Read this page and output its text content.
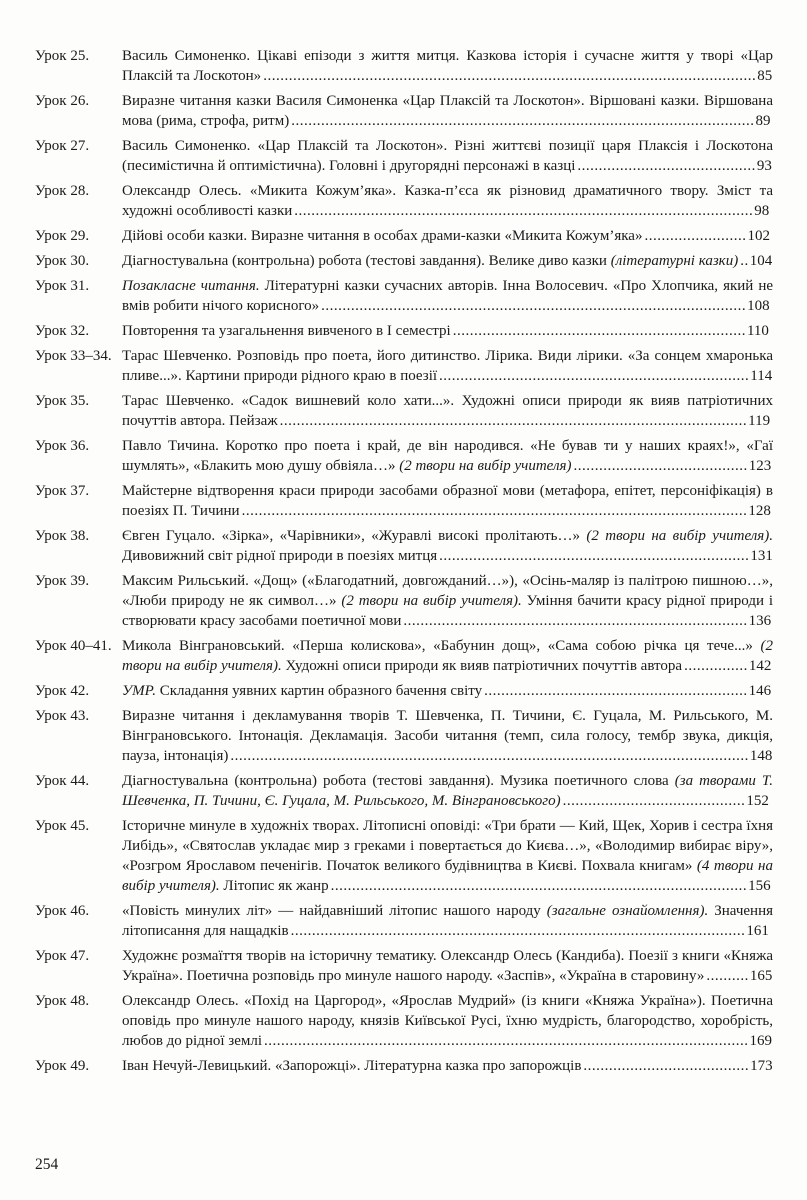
Урок 25.	Василь Симоненко. Цікаві епізоди з життя митця. Казкова історія і сучасне життя у творі «Цар Плаксій та Лоскотон» ....................................................................................................................85
Урок 26.	Виразне читання казки Василя Симоненка «Цар Плаксій та Лоскотон». Віршовані казки. Віршована мова (рима, строфа, ритм) .............................................................................................................89
Урок 27.	Василь Симоненко. «Цар Плаксій та Лоскотон». Різні життєві позиції царя Плаксія і Лоскотона (песимістична й оптимістична). Головні і другорядні персонажі в казці ..........................................93
Урок 28.	Олександр Олесь. «Микита Кожум’яка». Казка-п’єса як різновид драматичного твору. Зміст та художні особливості казки ............................................................................................................98
Урок 29.	Дійові особи казки. Виразне читання в особах драми-казки «Микита Кожум’яка» ........................102
Урок 30.	Діагностувальна (контрольна) робота (тестові завдання). Велике диво казки (літературні казки) ..104
Урок 31.	Позакласне читання. Літературні казки сучасних авторів. Інна Волосевич. «Про Хлопчика, який не вмів робити нічого корисного» ....................................................................................................108
Урок 32.	Повторення та узагальнення вивченого в І семестрі .....................................................................110
Урок 33–34. Тарас Шевченко. Розповідь про поета, його дитинство. Лірика. Види лірики. «За сонцем хмаронька пливе...». Картини природи рідного краю в поезії .........................................................................114
Урок 35.	Тарас Шевченко. «Садок вишневий коло хати...». Художні описи природи як вияв патріотичних почуттів автора. Пейзаж ..............................................................................................................119
Урок 36.	Павло Тичина. Коротко про поета і край, де він народився. «Не бував ти у наших краях!», «Гаї шумлять», «Блакить мою душу обвіяла…» (2 твори на вибір учителя) .........................................123
Урок 37.	Майстерне відтворення краси природи засобами образної мови (метафора, епітет, персоніфікація) в поезіях П. Тичини .......................................................................................................................128
Урок 38.	Євген Гуцало. «Зірка», «Чарівники», «Журавлі високі пролітають…» (2 твори на вибір учителя). Дивовижний світ рідної природи в поезіях митця .........................................................................131
Урок 39.	Максим Рильський. «Дощ» («Благодатний, довгожданий…»), «Осінь-маляр із палітрою пишною…», «Люби природу не як символ…» (2 твори на вибір учителя). Уміння бачити красу рідної природи і створювати красу засобами поетичної мови .................................................................................136
Урок 40–41. Микола Вінграновський. «Перша колискова», «Бабунин дощ», «Сама собою річка ця тече...» (2 твори на вибір учителя). Художні описи природи як вияв патріотичних почуттів автора ...............142
Урок 42.	УМР. Складання уявних картин образного бачення світу ..............................................................146
Урок 43.	Виразне читання і декламування творів Т. Шевченка, П. Тичини, Є. Гуцала, М. Рильського, М. Вінграновського. Інтонація. Декламація. Засоби читання (темп, сила голосу, тембр звука, дикція, пауза, інтонація) ..........................................................................................................................148
Урок 44.	Діагностувальна (контрольна) робота (тестові завдання). Музика поетичного слова (за творами Т. Шевченка, П. Тичини, Є. Гуцала, М. Рильського, М. Вінграновського) ...........................................152
Урок 45.	Історичне минуле в художніх творах. Літописні оповіді: «Три брати — Кий, Щек, Хорив і сестра їхня Либідь», «Святослав укладає мир з греками і повертається до Києва…», «Володимир вибирає віру», «Розгром Ярославом печенігів. Початок великого будівництва в Києві. Похвала книгам» (4 твори на вибір учителя). Літопис як жанр ..................................................................................................156
Урок 46.	«Повість минулих літ» — найдавніший літопис нашого народу (загальне ознайомлення). Значення літописання для нащадків ...........................................................................................................161
Урок 47.	Художнє розмаїття творів на історичну тематику. Олександр Олесь (Кандиба). Поезії з книги «Княжа Україна». Поетична розповідь про минуле нашого народу. «Заспів», «Україна в старовину» ..........165
Урок 48.	Олександр Олесь. «Похід на Царгород», «Ярослав Мудрий» (із книги «Княжа Україна»). Поетична оповідь про минуле нашого народу, князів Київської Русі, їхню мудрість, благородство, хоробрість, любов до рідної землі ..................................................................................................................169
Урок 49.	Іван Нечуй-Левицький. «Запорожці». Літературна казка про запорожців .......................................173
254
